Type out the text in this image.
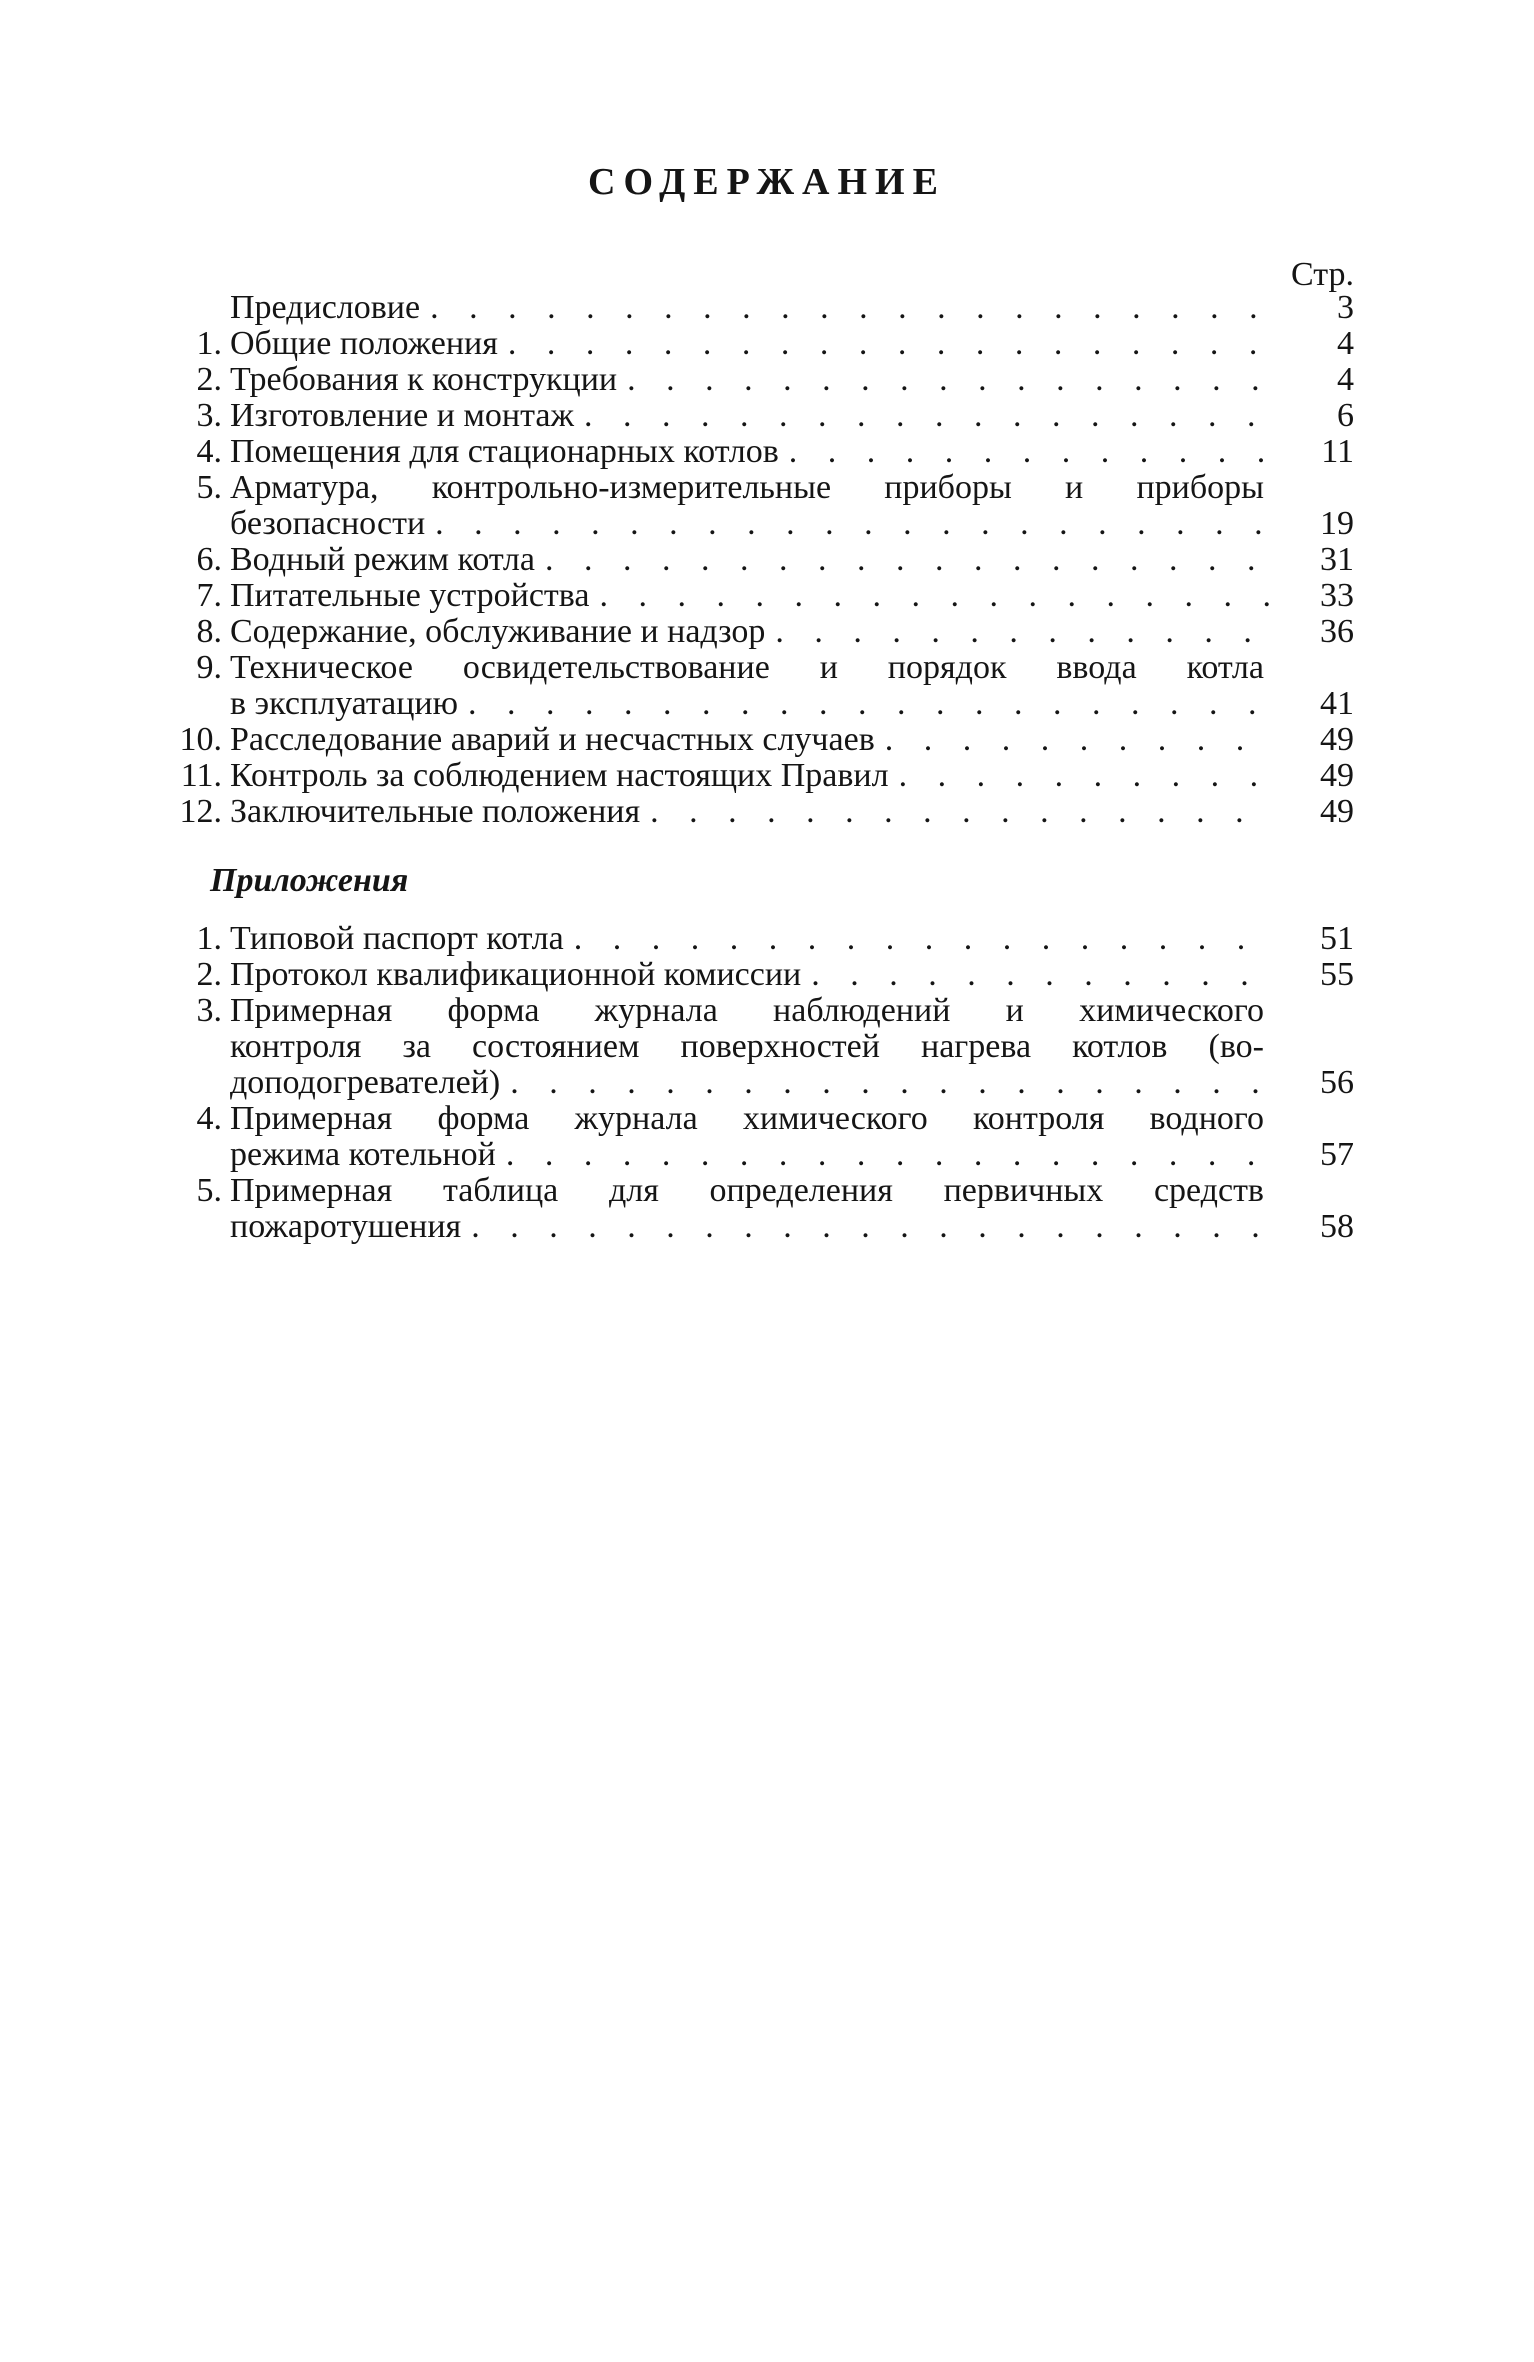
СОДЕРЖАНИЕ
Стр.
Предисловие . . .	3
1. Общие положения . . .	4
2. Требования к конструкции . . .	4
3. Изготовление и монтаж . . .	6
4. Помещения для стационарных котлов . . .	11
5. Арматура, контрольно-измерительные приборы и приборы
безопасности . . .	19
6. Водный режим котла . . .	31
7. Питательные устройства . . .	33
8. Содержание, обслуживание и надзор . . .	36
9. Техническое освидетельствование и порядок ввода котла
в эксплуатацию . . .	41
10. Расследование аварий и несчастных случаев . . .	49
11. Контроль за соблюдением настоящих Правил . . .	49
12. Заключительные положения . . .	49
Приложения
1. Типовой паспорт котла . . .	51
2. Протокол квалификационной комиссии . . .	55
3. Примерная форма журнала наблюдений и химического
контроля за состоянием поверхностей нагрева котлов (во-
доподогревателей) . . .	56
4. Примерная форма журнала химического контроля водного
режима котельной . . .	57
5. Примерная таблица для определения первичных средств
пожаротушения . . .	58
